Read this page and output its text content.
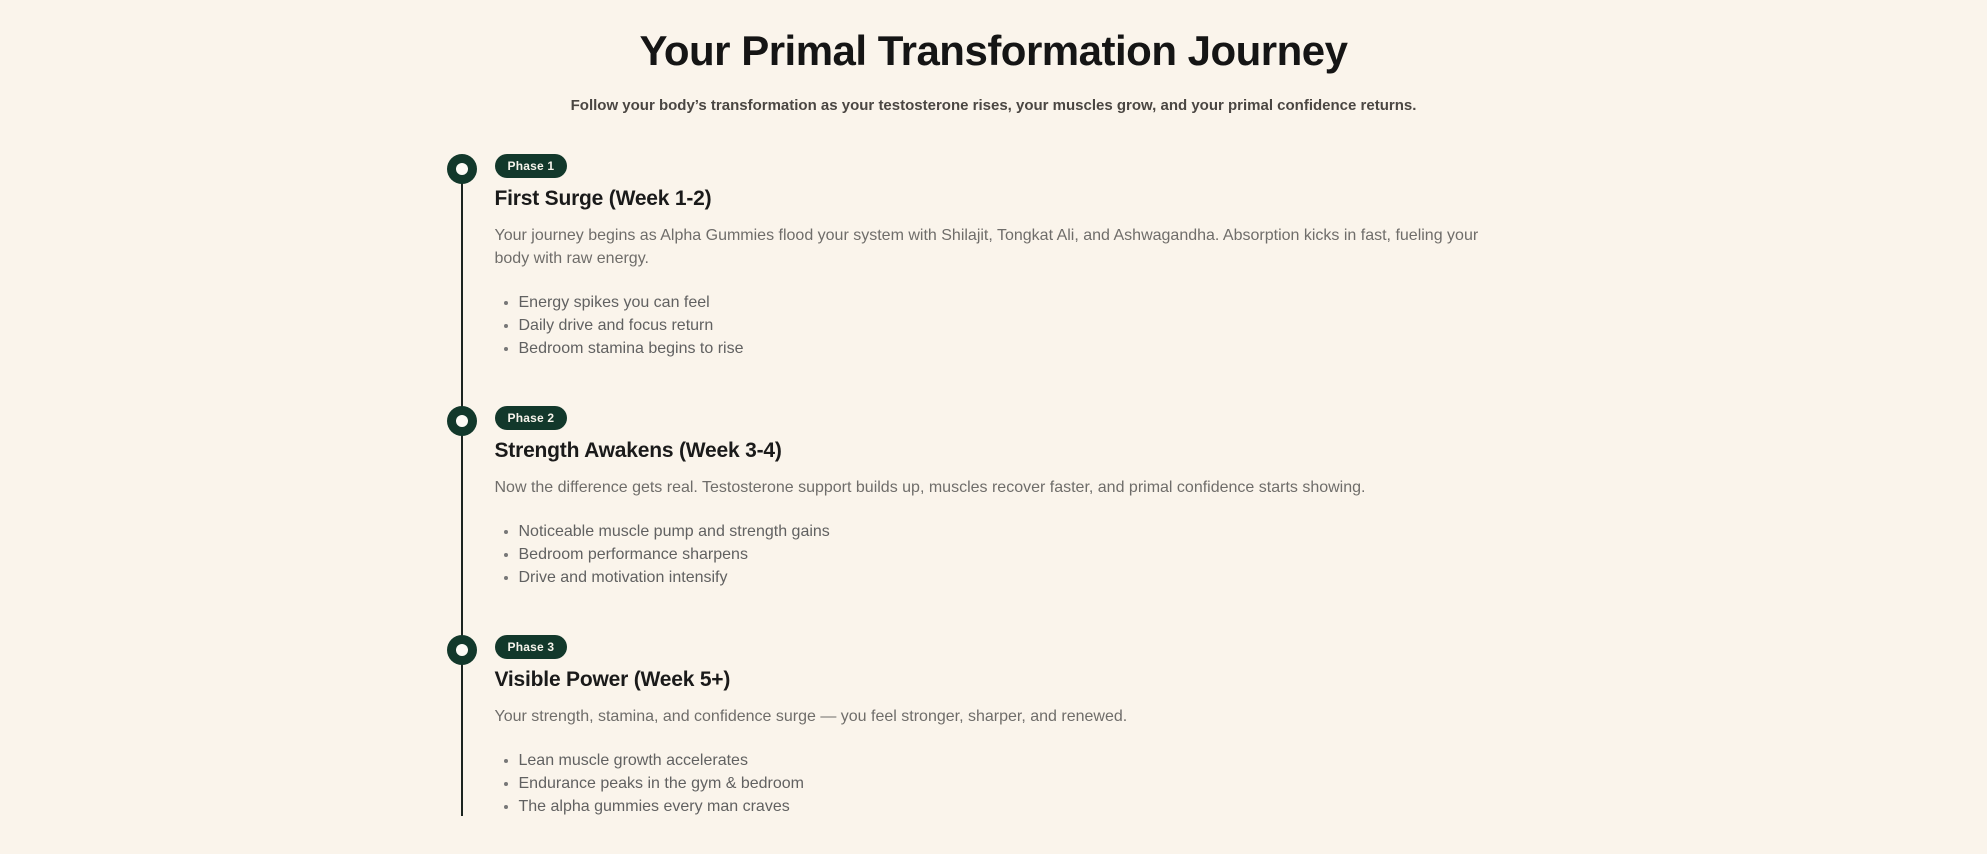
Your Primal Transformation Journey

Follow your body’s transformation as your testosterone rises, your muscles grow, and your primal confidence returns.

Phase 1
First Surge (Week 1-2)

Your journey begins as Alpha Gummies flood your system with Shilajit, Tongkat Ali, and Ashwagandha. Absorption kicks in fast, fueling your body with raw energy.

• Energy spikes you can feel
• Daily drive and focus return
• Bedroom stamina begins to rise
Phase 2
Strength Awakens (Week 3-4)

Now the difference gets real. Testosterone support builds up, muscles recover faster, and primal confidence starts showing.

• Noticeable muscle pump and strength gains
• Bedroom performance sharpens
• Drive and motivation intensify
Phase 3
Visible Power (Week 5+)

Your strength, stamina, and confidence surge — you feel stronger, sharper, and renewed.

• Lean muscle growth accelerates
• Endurance peaks in the gym & bedroom
• The alpha gummies every man craves
